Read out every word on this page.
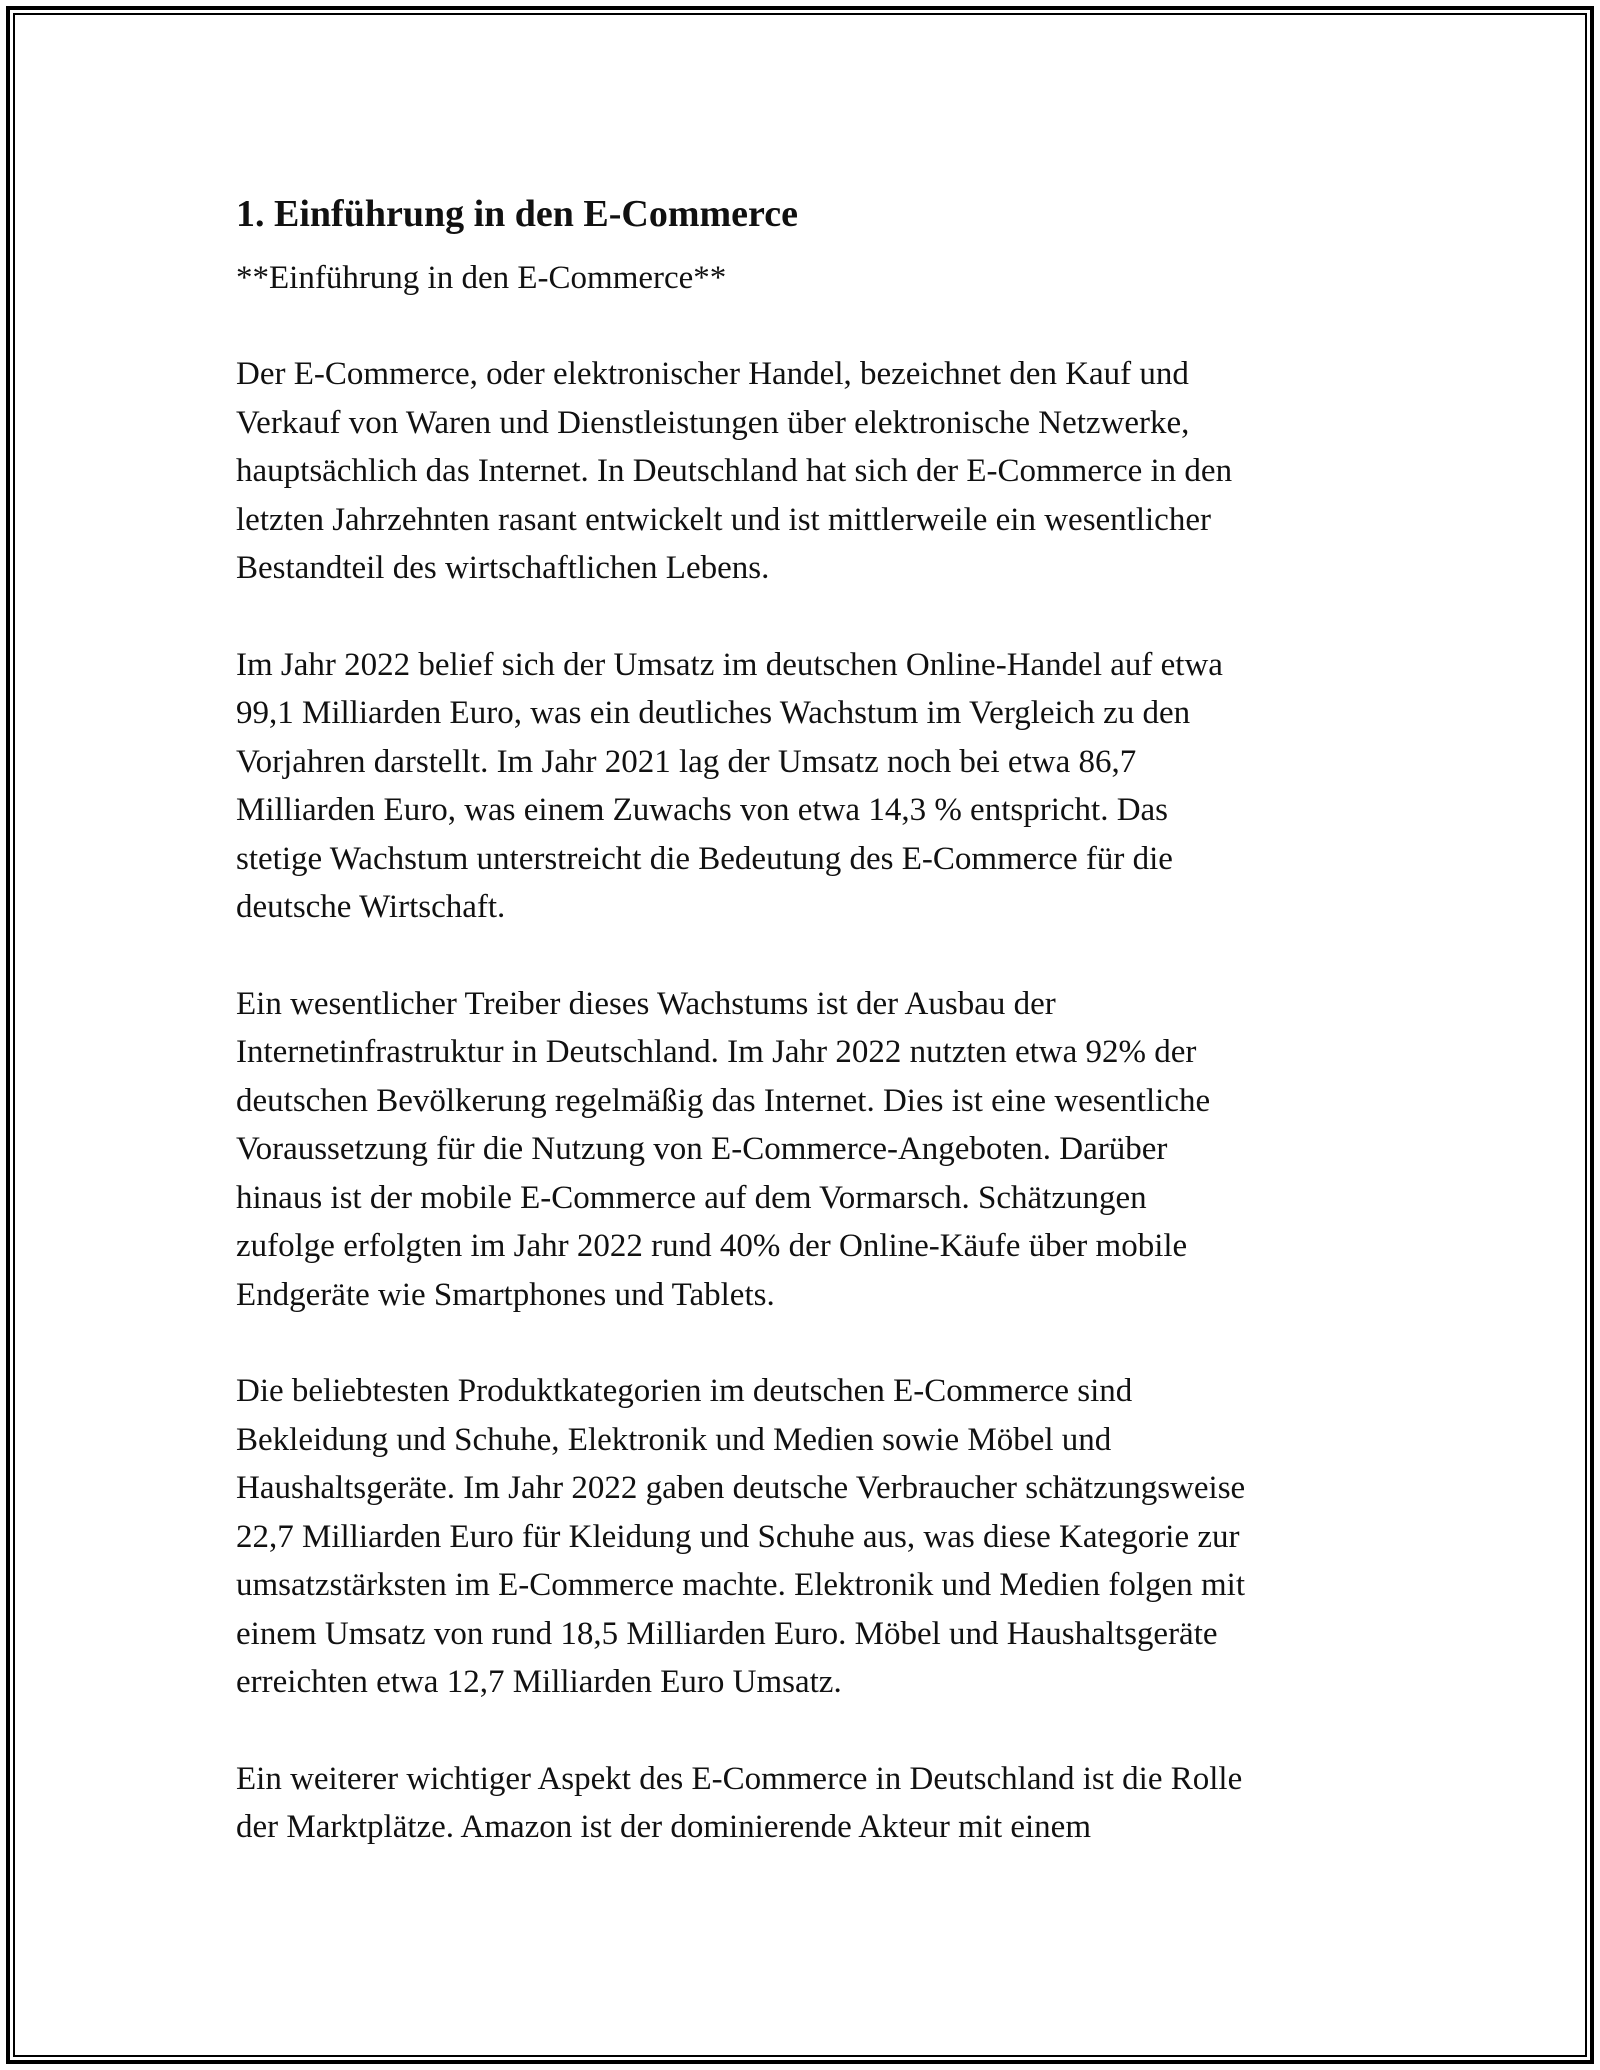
1. Einführung in den E-Commerce

**Einführung in den E-Commerce**

Der E-Commerce, oder elektronischer Handel, bezeichnet den Kauf und
Verkauf von Waren und Dienstleistungen über elektronische Netzwerke,
hauptsächlich das Internet. In Deutschland hat sich der E-Commerce in den
letzten Jahrzehnten rasant entwickelt und ist mittlerweile ein wesentlicher
Bestandteil des wirtschaftlichen Lebens.

Im Jahr 2022 belief sich der Umsatz im deutschen Online-Handel auf etwa
99,1 Milliarden Euro, was ein deutliches Wachstum im Vergleich zu den
Vorjahren darstellt. Im Jahr 2021 lag der Umsatz noch bei etwa 86,7
Milliarden Euro, was einem Zuwachs von etwa 14,3 % entspricht. Das
stetige Wachstum unterstreicht die Bedeutung des E-Commerce für die
deutsche Wirtschaft.

Ein wesentlicher Treiber dieses Wachstums ist der Ausbau der
Internetinfrastruktur in Deutschland. Im Jahr 2022 nutzten etwa 92% der
deutschen Bevölkerung regelmäßig das Internet. Dies ist eine wesentliche
Voraussetzung für die Nutzung von E-Commerce-Angeboten. Darüber
hinaus ist der mobile E-Commerce auf dem Vormarsch. Schätzungen
zufolge erfolgten im Jahr 2022 rund 40% der Online-Käufe über mobile
Endgeräte wie Smartphones und Tablets.

Die beliebtesten Produktkategorien im deutschen E-Commerce sind
Bekleidung und Schuhe, Elektronik und Medien sowie Möbel und
Haushaltsgeräte. Im Jahr 2022 gaben deutsche Verbraucher schätzungsweise
22,7 Milliarden Euro für Kleidung und Schuhe aus, was diese Kategorie zur
umsatzstärksten im E-Commerce machte. Elektronik und Medien folgen mit
einem Umsatz von rund 18,5 Milliarden Euro. Möbel und Haushaltsgeräte
erreichten etwa 12,7 Milliarden Euro Umsatz.

Ein weiterer wichtiger Aspekt des E-Commerce in Deutschland ist die Rolle
der Marktplätze. Amazon ist der dominierende Akteur mit einem
